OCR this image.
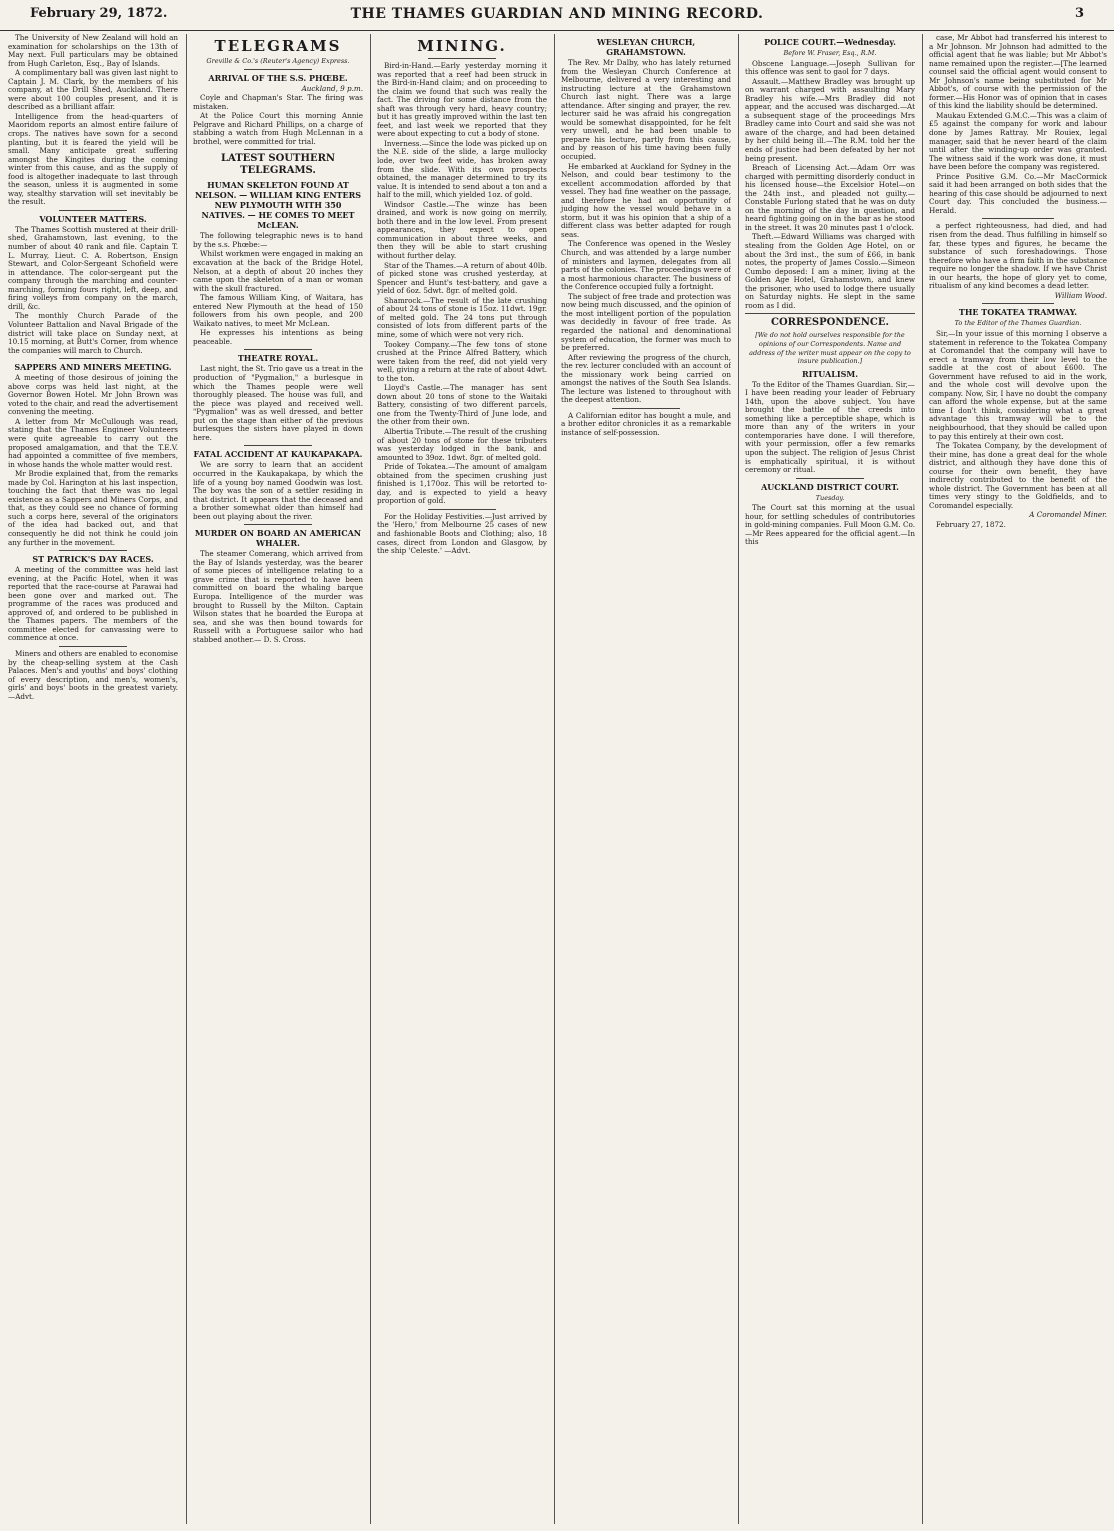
February 29, 1872.	THE THAMES GUARDIAN AND MINING RECORD.	3

The University of New Zealand will hold an examination for scholarships on the 13th of May next. Full particulars may be obtained from Hugh Carleton, Esq., Bay of Islands.

A complimentary ball was given last night to Captain J. M. Clark, by the members of his company, at the Drill Shed, Auckland. There were about 100 couples present, and it is described as a brilliant affair.

Intelligence from the head-quarters of Maoridom reports an almost entire failure of crops. The natives have sown for a second planting, but it is feared the yield will be small. Many anticipate great suffering amongst the Kingites during the coming winter from this cause, and as the supply of food is altogether inadequate to last through the season, unless it is augmented in some way, stealthy starvation will set inevitably be the result.

VOLUNTEER MATTERS.

The Thames Scottish mustered at their drill-shed, Grahamstown, last evening, to the number of about 40 rank and file. Captain T. L. Murray, Lieut. C. A. Robertson, Ensign Stewart, and Color-Sergeant Schofield were in attendance. The color-sergeant put the company through the marching and counter-marching, forming fours right, left, deep, and firing volleys from company on the march, drill, &c.

The monthly Church Parade of the Volunteer Battalion and Naval Brigade of the district will take place on Sunday next, at 10.15 morning, at Butt's Corner, from whence the companies will march to Church.

SAPPERS AND MINERS MEETING.

A meeting of those desirous of joining the above corps was held last night, at the Governor Bowen Hotel. Mr John Brown was voted to the chair, and read the advertisement convening the meeting.

A letter from Mr McCullough was read, stating that the Thames Engineer Volunteers were quite agreeable to carry out the proposed amalgamation, and that the T.E.V. had appointed a committee of five members, in whose hands the whole matter would rest.

Mr Brodie explained that, from the remarks made by Col. Harington at his last inspection, touching the fact that there was no legal existence as a Sappers and Miners Corps, and that, as they could see no chance of forming such a corps here, several of the originators of the idea had backed out, and that consequently he did not think he could join any further in the movement.

ST PATRICK'S DAY RACES.

A meeting of the committee was held last evening, at the Pacific Hotel, when it was reported that the race-course at Parawai had been gone over and marked out. The programme of the races was produced and approved of, and ordered to be published in the Thames papers. The members of the committee elected for canvassing were to commence at once.

Miners and others are enabled to economise by the cheap-selling system at the Cash Palaces. Men's and youths' and boys' clothing of every description, and men's, women's, girls' and boys' boots in the greatest variety. —Advt.

TELEGRAMS
Greville & Co.'s (Reuter's Agency) Express.
ARRIVAL OF THE S.S. PHŒBE.

Auckland, 9 p.m.

Coyle and Chapman's Star. The firing was mistaken.

At the Police Court this morning Annie Pelgrave and Richard Phillips, on a charge of stabbing a watch from Hugh McLennan in a brothel, were committed for trial.

LATEST SOUTHERN TELEGRAMS.
HUMAN SKELETON FOUND AT NELSON. — WILLIAM KING ENTERS NEW PLYMOUTH WITH 350 NATIVES. — HE COMES TO MEET McLEAN.

The following telegraphic news is to hand by the s.s. Phœbe:—

Whilst workmen were engaged in making an excavation at the back of the Bridge Hotel, Nelson, at a depth of about 20 inches they came upon the skeleton of a man or woman with the skull fractured.

The famous William King, of Waitara, has entered New Plymouth at the head of 150 followers from his own people, and 200 Waikato natives, to meet Mr McLean.

He expresses his intentions as being peaceable.

THEATRE ROYAL.

Last night, the St. Trio gave us a treat in the production of "Pygmalion," a burlesque in which the Thames people were well thoroughly pleased. The house was full, and the piece was played and received well. "Pygmalion" was as well dressed, and better put on the stage than either of the previous burlesques the sisters have played in down here.

FATAL ACCIDENT AT KAUKAPAKAPA.

We are sorry to learn that an accident occurred in the Kaukapakapa, by which the life of a young boy named Goodwin was lost. The boy was the son of a settler residing in that district. It appears that the deceased and a brother somewhat older than himself had been out playing about the river.

MURDER ON BOARD AN AMERICAN WHALER.

The steamer Comerang, which arrived from the Bay of Islands yesterday, was the bearer of some pieces of intelligence relating to a grave crime that is reported to have been committed on board the whaling barque Europa. Intelligence of the murder was brought to Russell by the Milton. Captain Wilson states that he boarded the Europa at sea, and she was then bound towards for Russell with a Portuguese sailor who had stabbed another.— D. S. Cross.

MINING.

Bird-in-Hand.—Early yesterday morning it was reported that a reef had been struck in the Bird-in-Hand claim; and on proceeding to the claim we found that such was really the fact. The driving for some distance from the shaft was through very hard, heavy country; but it has greatly improved within the last ten feet, and last week we reported that they were about expecting to cut a body of stone.

Inverness.—Since the lode was picked up on the N.E. side of the slide, a large mullocky lode, over two feet wide, has broken away from the slide. With its own prospects obtained, the manager determined to try its value. It is intended to send about a ton and a half to the mill, which yielded 1oz. of gold.

Windsor Castle.—The winze has been drained, and work is now going on merrily, both there and in the low level. From present appearances, they expect to open communication in about three weeks, and then they will be able to start crushing without further delay.

Star of the Thames.—A return of about 40lb. of picked stone was crushed yesterday, at Spencer and Hunt's test-battery, and gave a yield of 6oz. 5dwt. 8gr. of melted gold.

Shamrock.—The result of the late crushing of about 24 tons of stone is 15oz. 11dwt. 19gr. of melted gold. The 24 tons put through consisted of lots from different parts of the mine, some of which were not very rich.

Tookey Company.—The few tons of stone crushed at the Prince Alfred Battery, which were taken from the reef, did not yield very well, giving a return at the rate of about 4dwt. to the ton.

Lloyd's Castle.—The manager has sent down about 20 tons of stone to the Waitaki Battery, consisting of two different parcels, one from the Twenty-Third of June lode, and the other from their own.

Albertia Tribute.—The result of the crushing of about 20 tons of stone for these tributers was yesterday lodged in the bank, and amounted to 39oz. 1dwt. 8gr. of melted gold.

Pride of Tokatea.—The amount of amalgam obtained from the specimen crushing just finished is 1,170oz. This will be retorted to-day, and is expected to yield a heavy proportion of gold.

For the Holiday Festivities.—Just arrived by the 'Hero,' from Melbourne 25 cases of new and fashionable Boots and Clothing; also, 18 cases, direct from London and Glasgow, by the ship 'Celeste.' —Advt.

WESLEYAN CHURCH, GRAHAMSTOWN.

The Rev. Mr Dalby, who has lately returned from the Wesleyan Church Conference at Melbourne, delivered a very interesting and instructing lecture at the Grahamstown Church last night. There was a large attendance. After singing and prayer, the rev. lecturer said he was afraid his congregation would be somewhat disappointed, for he felt very unwell, and he had been unable to prepare his lecture, partly from this cause, and by reason of his time having been fully occupied.

He embarked at Auckland for Sydney in the Nelson, and could bear testimony to the excellent accommodation afforded by that vessel. They had fine weather on the passage, and therefore he had an opportunity of judging how the vessel would behave in a storm, but it was his opinion that a ship of a different class was better adapted for rough seas.

The Conference was opened in the Wesley Church, and was attended by a large number of ministers and laymen, delegates from all parts of the colonies. The proceedings were of a most harmonious character. The business of the Conference occupied fully a fortnight.

The subject of free trade and protection was now being much discussed, and the opinion of the most intelligent portion of the population was decidedly in favour of free trade. As regarded the national and denominational system of education, the former was much to be preferred.

After reviewing the progress of the church, the rev. lecturer concluded with an account of the missionary work being carried on amongst the natives of the South Sea Islands. The lecture was listened to throughout with the deepest attention.

A Californian editor has bought a mule, and a brother editor chronicles it as a remarkable instance of self-possession.

POLICE COURT.—Wednesday.
Before W. Fraser, Esq., R.M.

Obscene Language.—Joseph Sullivan for this offence was sent to gaol for 7 days.

Assault.—Matthew Bradley was brought up on warrant charged with assaulting Mary Bradley his wife.—Mrs Bradley did not appear, and the accused was discharged.—At a subsequent stage of the proceedings Mrs Bradley came into Court and said she was not aware of the charge, and had been detained by her child being ill.—The R.M. told her the ends of justice had been defeated by her not being present.

Breach of Licensing Act.—Adam Orr was charged with permitting disorderly conduct in his licensed house—the Excelsior Hotel—on the 24th inst., and pleaded not guilty.—Constable Furlong stated that he was on duty on the morning of the day in question, and heard fighting going on in the bar as he stood in the street. It was 20 minutes past 1 o'clock.

Theft.—Edward Williams was charged with stealing from the Golden Age Hotel, on or about the 3rd inst., the sum of £66, in bank notes, the property of James Cosslo.—Simeon Cumbo deposed: I am a miner, living at the Golden Age Hotel, Grahamstown, and knew the prisoner, who used to lodge there usually on Saturday nights. He slept in the same room as I did.

CORRESPONDENCE.
[We do not hold ourselves responsible for the opinions of our Correspondents. Name and address of the writer must appear on the copy to insure publication.]
RITUALISM.

To the Editor of the Thames Guardian. Sir,—I have been reading your leader of February 14th, upon the above subject. You have brought the battle of the creeds into something like a perceptible shape, which is more than any of the writers in your contemporaries have done. I will therefore, with your permission, offer a few remarks upon the subject. The religion of Jesus Christ is emphatically spiritual, it is without ceremony or ritual.

AUCKLAND DISTRICT COURT.
Tuesday.

The Court sat this morning at the usual hour, for settling schedules of contributories in gold-mining companies. Full Moon G.M. Co.—Mr Rees appeared for the official agent.—In this

case, Mr Abbot had transferred his interest to a Mr Johnson. Mr Johnson had admitted to the official agent that he was liable; but Mr Abbot's name remained upon the register.—[The learned counsel said the official agent would consent to Mr Johnson's name being substituted for Mr Abbot's, of course with the permission of the former.—His Honor was of opinion that in cases of this kind the liability should be determined.

Maukau Extended G.M.C.—This was a claim of £5 against the company for work and labour done by James Rattray. Mr Rouiex, legal manager, said that he never heard of the claim until after the winding-up order was granted. The witness said if the work was done, it must have been before the company was registered.

Prince Positive G.M. Co.—Mr MacCormick said it had been arranged on both sides that the hearing of this case should be adjourned to next Court day. This concluded the business.—Herald.

a perfect righteousness, had died, and had risen from the dead. Thus fulfilling in himself so far, these types and figures, he became the substance of such foreshadowings. Those therefore who have a firm faith in the substance require no longer the shadow. If we have Christ in our hearts, the hope of glory yet to come, ritualism of any kind becomes a dead letter.

William Wood.

THE TOKATEA TRAMWAY.
To the Editor of the Thames Guardian.

Sir,—In your issue of this morning I observe a statement in reference to the Tokatea Company at Coromandel that the company will have to erect a tramway from their low level to the saddle at the cost of about £600. The Government have refused to aid in the work, and the whole cost will devolve upon the company. Now, Sir, I have no doubt the company can afford the whole expense, but at the same time I don't think, considering what a great advantage this tramway will be to the neighbourhood, that they should be called upon to pay this entirely at their own cost.

The Tokatea Company, by the development of their mine, has done a great deal for the whole district, and although they have done this of course for their own benefit, they have indirectly contributed to the benefit of the whole district. The Government has been at all times very stingy to the Goldfields, and to Coromandel especially.

A Coromandel Miner.

February 27, 1872.
